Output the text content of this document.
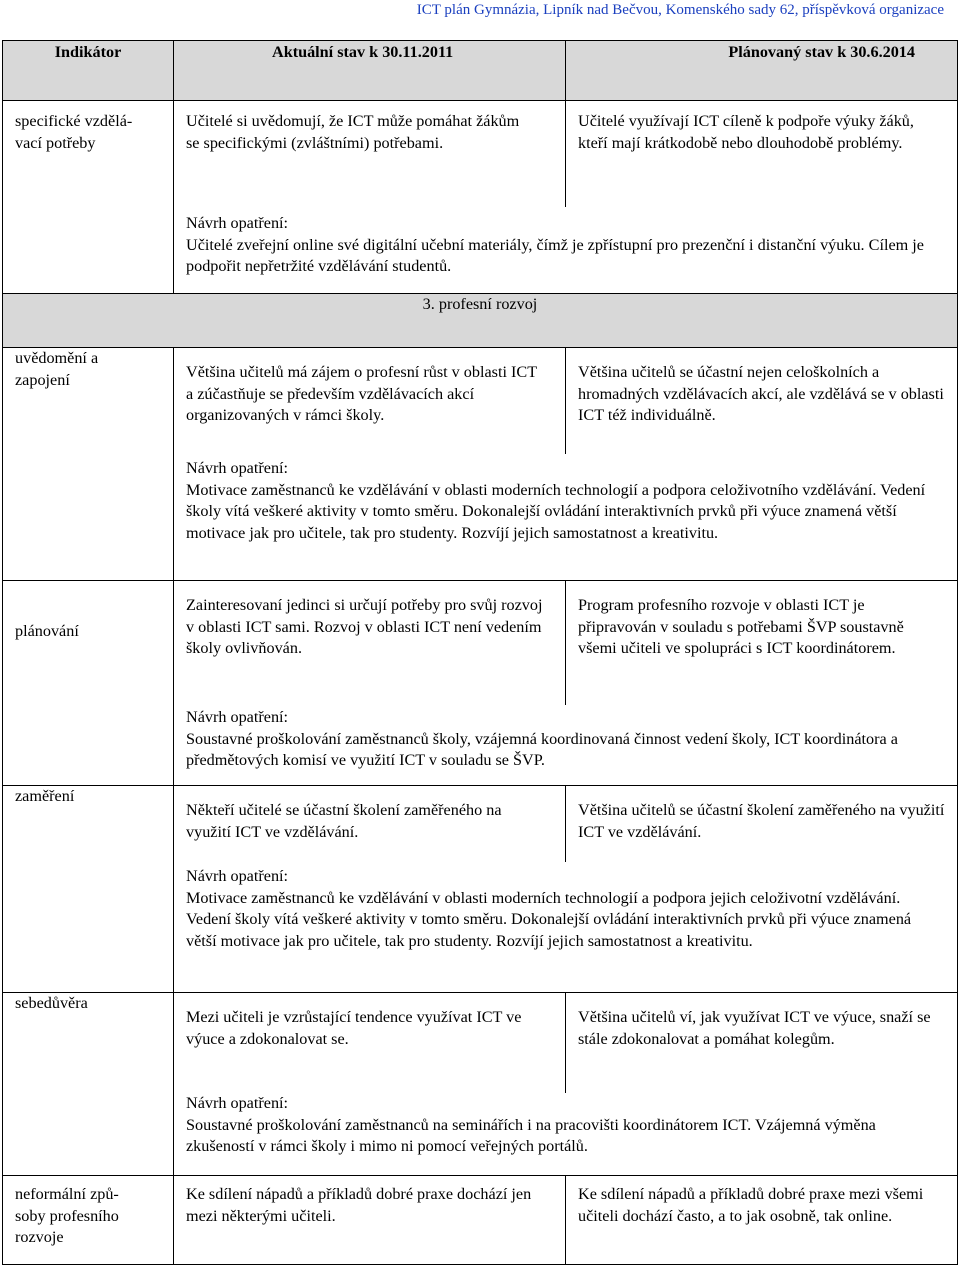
ICT plán Gymnázia, Lipník nad Bečvou, Komenského sady 62, příspěvková organizace
Indikátor	Aktuální stav k 30.11.2011	Plánovaný stav k 30.6.2014

specifické vzdělá-
vací potřeby	Učitelé si uvědomují, že ICT může pomáhat žákům se specifickými (zvláštními) potřebami.	Učitelé využívají ICT cíleně k podpoře výuky žáků, kteří mají krátkodobě nebo dlouhodobě problémy.

	Návrh opatření:
Učitelé zveřejní online své digitální učební materiály, čímž je zpřístupní pro prezenční i distanční výuku. Cílem je podpořit nepřetržité vzdělávání studentů.	
3. profesní rozvoj		

uvědomění a
zapojení	Většina učitelů má zájem o profesní růst v oblasti ICT a zúčastňuje se především vzdělávacích akcí organizovaných v rámci školy.	Většina učitelů se účastní nejen celoškolních a hromadných vzdělávacích akcí, ale vzdělává se v oblasti ICT též individuálně.

	Návrh opatření:
Motivace zaměstnanců ke vzdělávání v oblasti moderních technologií a podpora celoživotního vzdělávání. Vedení školy vítá veškeré aktivity v tomto směru. Dokonalejší ovládání interaktivních prvků při výuce znamená větší motivace jak pro učitele, tak pro studenty. Rozvíjí jejich samostatnost a kreativitu.	

plánování	Zainteresovaní jedinci si určují potřeby pro svůj rozvoj v oblasti ICT sami. Rozvoj v oblasti ICT není vedením školy ovlivňován.	Program profesního rozvoje v oblasti ICT je připravován v souladu s potřebami ŠVP soustavně všemi učiteli ve spolupráci s ICT koordinátorem.

	Návrh opatření:
Soustavné proškolování zaměstnanců školy, vzájemná koordinovaná činnost vedení školy, ICT koordinátora a předmětových komisí ve využití ICT v souladu se ŠVP.	

zaměření	Někteří učitelé se účastní školení zaměřeného na využití ICT ve vzdělávání.	Většina učitelů se účastní školení zaměřeného na využití ICT ve vzdělávání.

	Návrh opatření:
Motivace zaměstnanců ke vzdělávání v oblasti moderních technologií a podpora jejich celoživotní vzdělávání. Vedení školy vítá veškeré aktivity v tomto směru. Dokonalejší ovládání interaktivních prvků při výuce znamená větší motivace jak pro učitele, tak pro studenty. Rozvíjí jejich samostatnost a kreativitu.	

sebedůvěra	Mezi učiteli je vzrůstající tendence využívat ICT ve výuce a zdokonalovat se.	Většina učitelů ví, jak využívat ICT ve výuce, snaží se stále zdokonalovat a pomáhat kolegům.

	Návrh opatření:
Soustavné proškolování zaměstnanců na seminářích i na pracovišti koordinátorem ICT. Vzájemná výměna zkušeností v rámci školy i mimo ni pomocí veřejných portálů.	

neformální způ-
soby profesního
rozvoje	Ke sdílení nápadů a příkladů dobré praxe dochází jen mezi některými učiteli.	Ke sdílení nápadů a příkladů dobré praxe mezi všemi učiteli dochází často, a to jak osobně, tak online.
